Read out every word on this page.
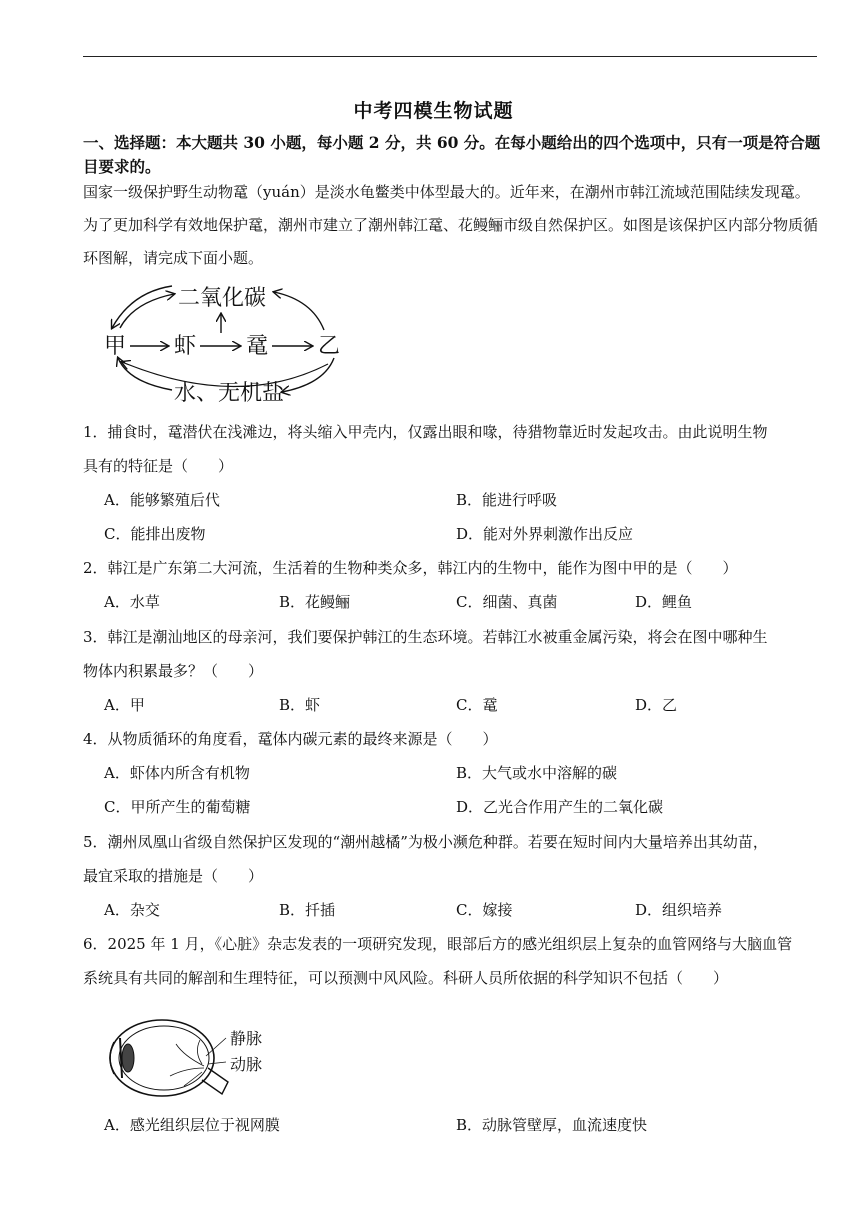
中考四模生物试题
一、选择题：本大题共 30 小题，每小题 2 分，共 60 分。在每小题给出的四个选项中，只有一项是符合题目要求的。
国家一级保护野生动物鼋（yuán）是淡水龟鳖类中体型最大的。近年来，在潮州市韩江流域范围陆续发现鼋。为了更加科学有效地保护鼋，潮州市建立了潮州韩江鼋、花鳗鲡市级自然保护区。如图是该保护区内部分物质循环图解，请完成下面小题。
二氧化碳
甲 虾 鼋 乙
水、无机盐
1．捕食时，鼋潜伏在浅滩边，将头缩入甲壳内，仅露出眼和喙，待猎物靠近时发起攻击。由此说明生物
具有的特征是（　　）
A．能够繁殖后代	B．能进行呼吸
C．能排出废物	D．能对外界刺激作出反应
2．韩江是广东第二大河流，生活着的生物种类众多，韩江内的生物中，能作为图中甲的是（　　）
A．水草	B．花鳗鲡	C．细菌、真菌	D．鲤鱼
3．韩江是潮汕地区的母亲河，我们要保护韩江的生态环境。若韩江水被重金属污染，将会在图中哪种生
物体内积累最多？（　　）
A．甲	B．虾	C．鼋	D．乙
4．从物质循环的角度看，鼋体内碳元素的最终来源是（　　）
A．虾体内所含有机物	B．大气或水中溶解的碳
C．甲所产生的葡萄糖	D．乙光合作用产生的二氧化碳
5．潮州凤凰山省级自然保护区发现的“潮州越橘”为极小濒危种群。若要在短时间内大量培养出其幼苗，
最宜采取的措施是（　　）
A．杂交	B．扦插	C．嫁接	D．组织培养
6．2025 年 1 月，《心脏》杂志发表的一项研究发现，眼部后方的感光组织层上复杂的血管网络与大脑血管
系统具有共同的解剖和生理特征，可以预测中风风险。科研人员所依据的科学知识不包括（　　）
静脉
动脉
A．感光组织层位于视网膜	B．动脉管壁厚，血流速度快
